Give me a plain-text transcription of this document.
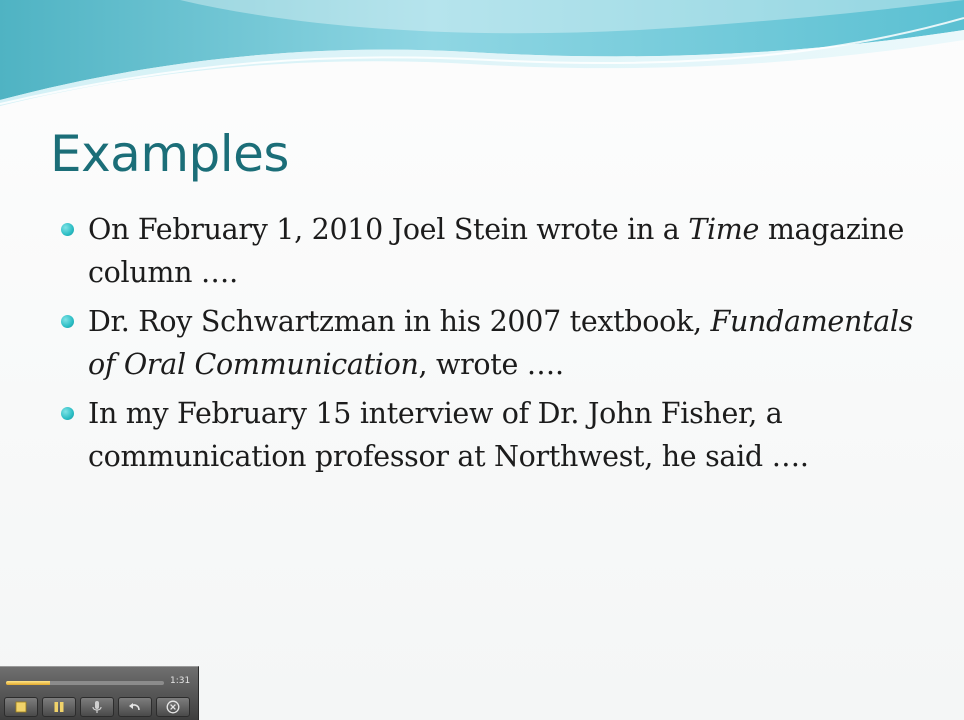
Examples
On February 1, 2010 Joel Stein wrote in a Time magazine column ….
Dr. Roy Schwartzman in his 2007 textbook, Fundamentals of Oral Communication, wrote ….
In my February 15 interview of Dr. John Fisher, a communication professor at Northwest, he said ….
1:31
